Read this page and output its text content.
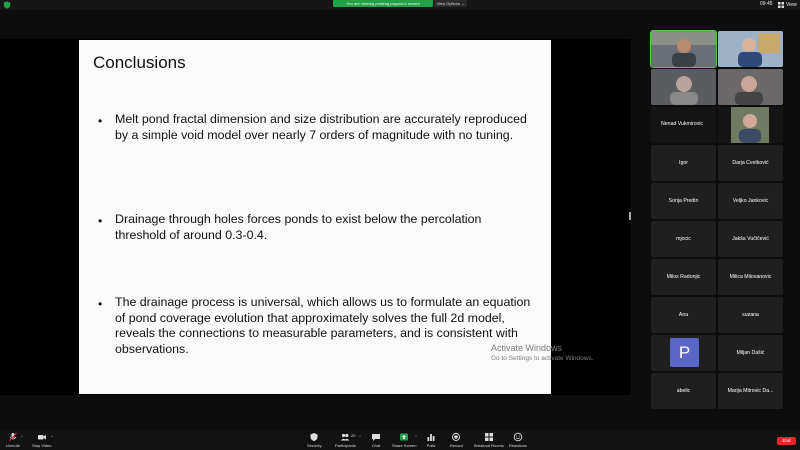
You are viewing prodrag popovic's screen	View Options ⌄	09:45	View
Conclusions
• Melt pond fractal dimension and size distribution are accurately reproduced by a simple void model over nearly 7 orders of magnitude with no tuning.
• Drainage through holes forces ponds to exist below the percolation threshold of around 0.3-0.4.
• The drainage process is universal, which allows us to formulate an equation of pond coverage evolution that approximately solves the full 2d model, reveals the connections to measurable parameters, and is consistent with observations.	Activate Windows
Go to Settings to activate Windows.
Nenad Vukmirovic
Igor	Darja Cvetković
Sonja Predin	Veljko Jankovic
mjocic	Jakša Vučičević
Milos Radonjic	Milica Milovanovic
Ana	suzana
P	Miljan Dašić
abelic	Marija Mitrovic Da...
Unmute
^
Stop Video
^
Security	Participants
20 ^
Chat	Share Screen
^
Polls	Record	Breakout Rooms Reactions
End
